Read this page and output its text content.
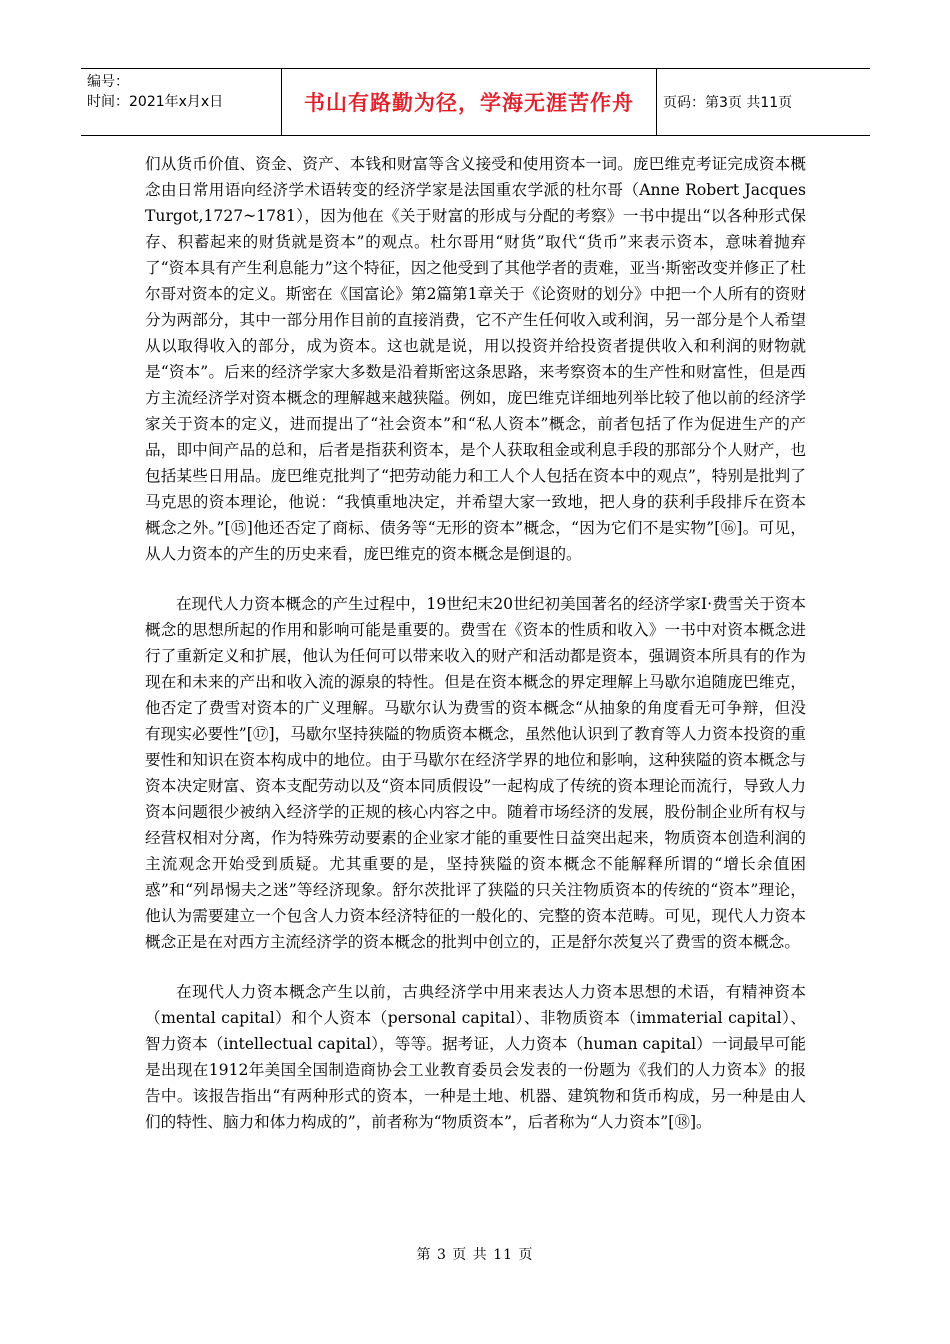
编号：
时间：2021年x月x日	书山有路勤为径，学海无涯苦作舟	页码：第3页 共11页

们从货币价值、资金、资产、本钱和财富等含义接受和使用资本一词。庞巴维克考证完成资本概念由日常用语向经济学术语转变的经济学家是法国重农学派的杜尔哥（Anne Robert Jacques Turgot,1727~1781），因为他在《关于财富的形成与分配的考察》一书中提出“以各种形式保存、积蓄起来的财货就是资本”的观点。杜尔哥用“财货”取代“货币”来表示资本，意味着抛弃了“资本具有产生利息能力”这个特征，因之他受到了其他学者的责难，亚当·斯密改变并修正了杜尔哥对资本的定义。斯密在《国富论》第2篇第1章关于《论资财的划分》中把一个人所有的资财分为两部分，其中一部分用作目前的直接消费，它不产生任何收入或利润，另一部分是个人希望从以取得收入的部分，成为资本。这也就是说，用以投资并给投资者提供收入和利润的财物就是“资本”。后来的经济学家大多数是沿着斯密这条思路，来考察资本的生产性和财富性，但是西方主流经济学对资本概念的理解越来越狭隘。例如，庞巴维克详细地列举比较了他以前的经济学家关于资本的定义，进而提出了“社会资本”和“私人资本”概念，前者包括了作为促进生产的产品，即中间产品的总和，后者是指获利资本，是个人获取租金或利息手段的那部分个人财产，也包括某些日用品。庞巴维克批判了“把劳动能力和工人个人包括在资本中的观点”，特别是批判了马克思的资本理论，他说：“我慎重地决定，并希望大家一致地，把人身的获利手段排斥在资本概念之外。”[⑮]他还否定了商标、债务等“无形的资本”概念，“因为它们不是实物”[⑯]。可见，从人力资本的产生的历史来看，庞巴维克的资本概念是倒退的。

在现代人力资本概念的产生过程中，19世纪末20世纪初美国著名的经济学家I·费雪关于资本概念的思想所起的作用和影响可能是重要的。费雪在《资本的性质和收入》一书中对资本概念进行了重新定义和扩展，他认为任何可以带来收入的财产和活动都是资本，强调资本所具有的作为现在和未来的产出和收入流的源泉的特性。但是在资本概念的界定理解上马歇尔追随庞巴维克，他否定了费雪对资本的广义理解。马歇尔认为费雪的资本概念“从抽象的角度看无可争辩，但没有现实必要性”[⑰]，马歇尔坚持狭隘的物质资本概念，虽然他认识到了教育等人力资本投资的重要性和知识在资本构成中的地位。由于马歇尔在经济学界的地位和影响，这种狭隘的资本概念与资本决定财富、资本支配劳动以及“资本同质假设”一起构成了传统的资本理论而流行，导致人力资本问题很少被纳入经济学的正规的核心内容之中。随着市场经济的发展，股份制企业所有权与经营权相对分离，作为特殊劳动要素的企业家才能的重要性日益突出起来，物质资本创造利润的主流观念开始受到质疑。尤其重要的是，坚持狭隘的资本概念不能解释所谓的“增长余值困惑”和“列昂惕夫之迷”等经济现象。舒尔茨批评了狭隘的只关注物质资本的传统的“资本”理论，他认为需要建立一个包含人力资本经济特征的一般化的、完整的资本范畴。可见，现代人力资本概念正是在对西方主流经济学的资本概念的批判中创立的，正是舒尔茨复兴了费雪的资本概念。

在现代人力资本概念产生以前，古典经济学中用来表达人力资本思想的术语，有精神资本（mental capital）和个人资本（personal capital）、非物质资本（immaterial capital）、智力资本（intellectual capital），等等。据考证，人力资本（human capital）一词最早可能是出现在1912年美国全国制造商协会工业教育委员会发表的一份题为《我们的人力资本》的报告中。该报告指出“有两种形式的资本，一种是土地、机器、建筑物和货币构成，另一种是由人们的特性、脑力和体力构成的”，前者称为“物质资本”，后者称为“人力资本”[⑱]。

第 3 页 共 11 页
